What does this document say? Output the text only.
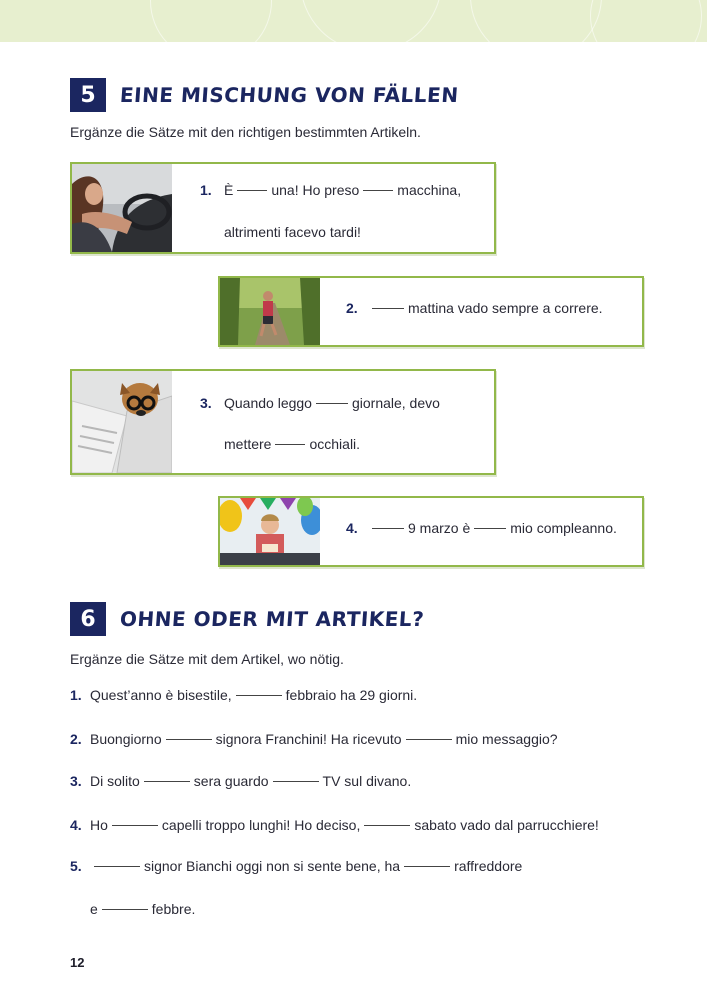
5	EINE MISCHUNG VON FÄLLEN
Ergänze die Sätze mit den richtigen bestimmten Artikeln.
1. È	una! Ho preso	macchina,
altrimenti facevo tardi!
2.	mattina vado sempre a correre.
3. Quando leggo	giornale, devo
mettere	occhiali.
4.	9 marzo è	mio compleanno.
6	OHNE ODER MIT ARTIKEL?
Ergänze die Sätze mit dem Artikel, wo nötig.
1. Quest’anno è bisestile,	febbraio ha 29 giorni.
2. Buongiorno	signora Franchini! Ha ricevuto	mio messaggio?
3. Di solito	sera guardo	TV sul divano.
4. Ho	capelli troppo lunghi! Ho deciso,	sabato vado dal parrucchiere!
5.	signor Bianchi oggi non si sente bene, ha	raffreddore
e	febbre.
12
